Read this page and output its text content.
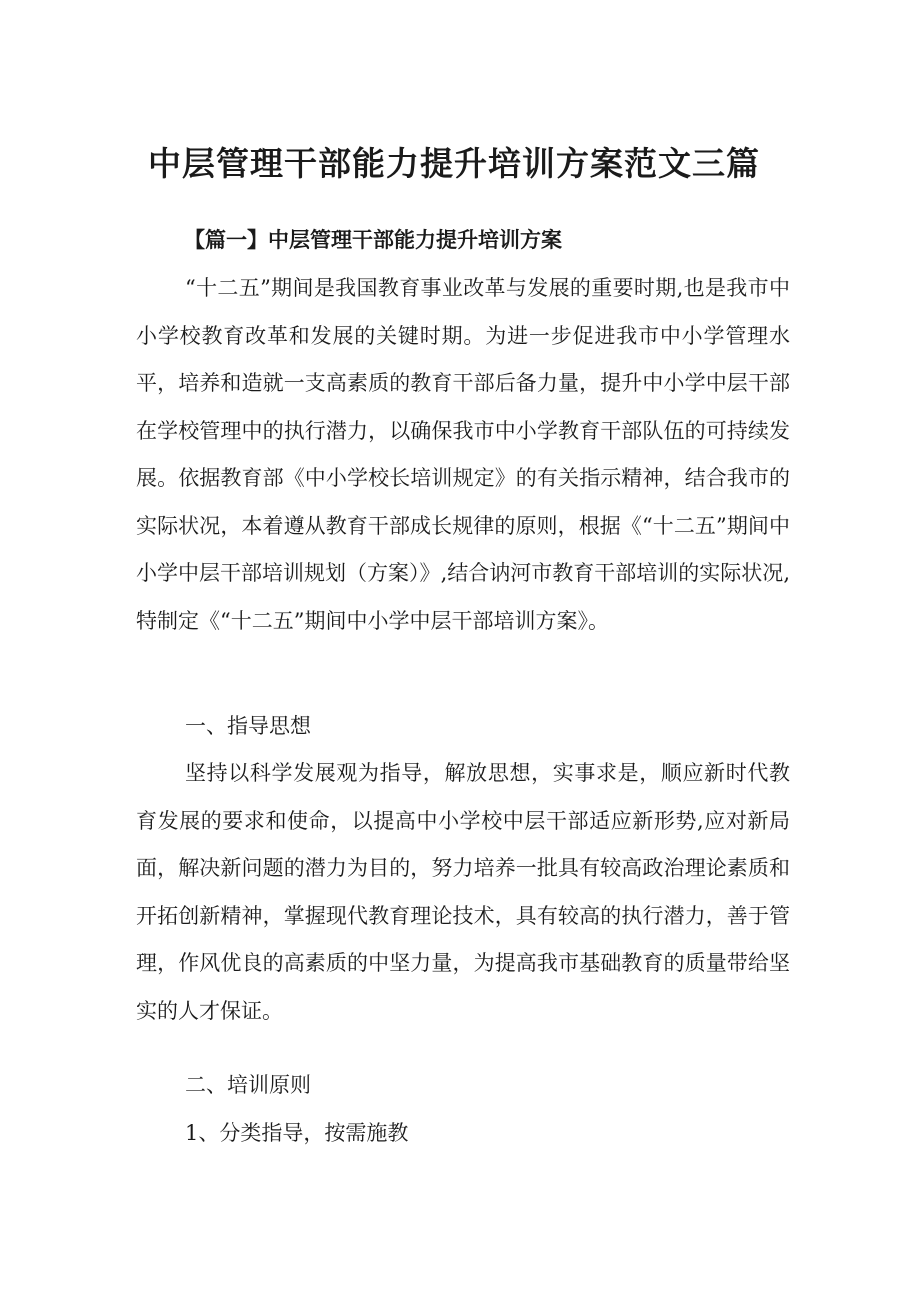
中层管理干部能力提升培训方案范文三篇
【篇一】中层管理干部能力提升培训方案
“十二五”期间是我国教育事业改革与发展的重要时期,也是我市中小学校教育改革和发展的关键时期。为进一步促进我市中小学管理水平，培养和造就一支高素质的教育干部后备力量，提升中小学中层干部在学校管理中的执行潜力，以确保我市中小学教育干部队伍的可持续发展。依据教育部《中小学校长培训规定》的有关指示精神，结合我市的实际状况，本着遵从教育干部成长规律的原则，根据《“十二五”期间中小学中层干部培训规划（方案）》,结合讷河市教育干部培训的实际状况,特制定《“十二五”期间中小学中层干部培训方案》。
一、指导思想
坚持以科学发展观为指导，解放思想，实事求是，顺应新时代教育发展的要求和使命，以提高中小学校中层干部适应新形势,应对新局面，解决新问题的潜力为目的，努力培养一批具有较高政治理论素质和开拓创新精神，掌握现代教育理论技术，具有较高的执行潜力，善于管理，作风优良的高素质的中坚力量，为提高我市基础教育的质量带给坚实的人才保证。
二、培训原则
1、分类指导，按需施教
